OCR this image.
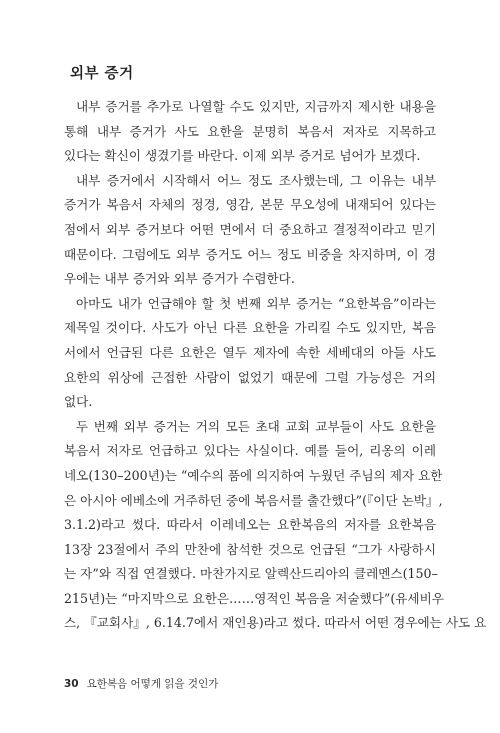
외부 증거
내부 증거를 추가로 나열할 수도 있지만, 지금까지 제시한 내용을
통해 내부 증거가 사도 요한을 분명히 복음서 저자로 지목하고
있다는 확신이 생겼기를 바란다. 이제 외부 증거로 넘어가 보겠다.
내부 증거에서 시작해서 어느 정도 조사했는데, 그 이유는 내부
증거가 복음서 자체의 정경, 영감, 본문 무오성에 내재되어 있다는
점에서 외부 증거보다 어떤 면에서 더 중요하고 결정적이라고 믿기
때문이다. 그럼에도 외부 증거도 어느 정도 비중을 차지하며, 이 경
우에는 내부 증거와 외부 증거가 수렴한다.
아마도 내가 언급해야 할 첫 번째 외부 증거는 “요한복음”이라는
제목일 것이다. 사도가 아닌 다른 요한을 가리킬 수도 있지만, 복음
서에서 언급된 다른 요한은 열두 제자에 속한 세베대의 아들 사도
요한의 위상에 근접한 사람이 없었기 때문에 그럴 가능성은 거의
없다.
두 번째 외부 증거는 거의 모든 초대 교회 교부들이 사도 요한을
복음서 저자로 언급하고 있다는 사실이다. 예를 들어, 리옹의 이레
네오(130–200년)는 “예수의 품에 의지하여 누웠던 주님의 제자 요한
은 아시아 에베소에 거주하던 중에 복음서를 출간했다”(『이단 논박』,
3.1.2)라고 썼다. 따라서 이레네오는 요한복음의 저자를 요한복음
13장 23절에서 주의 만찬에 참석한 것으로 언급된 “그가 사랑하시
는 자”와 직접 연결했다. 마찬가지로 알렉산드리아의 클레멘스(150–
215년)는 “마지막으로 요한은……영적인 복음을 저술했다”(유세비우
스, 『교회사』, 6.14.7에서 재인용)라고 썼다. 따라서 어떤 경우에는 사도 요
30 요한복음 어떻게 읽을 것인가
